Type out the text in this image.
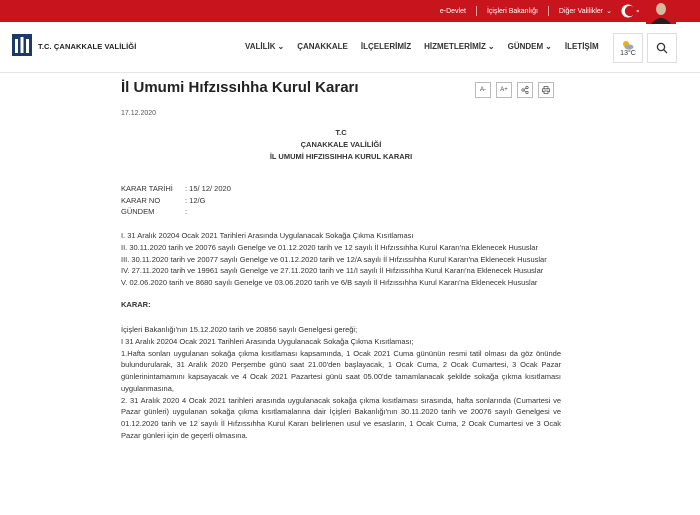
e-Devlet	İçişleri Bakanlığı	Diğer Valilikler ⌄
T.C. ÇANAKKALE VALİLİĞİ	VALİLİK ⌄ ÇANAKKALE İLÇELERİMİZ HİZMETLERİMİZ ⌄ GÜNDEM ⌄ İLETİŞİM
13°C
İl Umumi Hıfzıssıhha Kurul Kararı	A-	A+
17.12.2020
T.C
ÇANAKKALE VALİLİĞİ
İL UMUMİ HIFZISSIHHA KURUL KARARI
KARAR TARİHİ	: 15/ 12/ 2020
KARAR NO	: 12/G
GÜNDEM	:
I. 31 Aralık 20204 Ocak 2021 Tarihleri Arasında Uygulanacak Sokağa Çıkma Kısıtlaması
II. 30.11.2020 tarih ve 20076 sayılı Genelge ve 01.12.2020 tarih ve 12 sayılı İl Hıfzıssıhha Kurul Kararı'na Eklenecek Hususlar
III. 30.11.2020 tarih ve 20077 sayılı Genelge ve 01.12.2020 tarih ve 12/A sayılı İl Hıfzıssıhha Kurul Kararı'na Eklenecek Hususlar
IV. 27.11.2020 tarih ve 19961 sayılı Genelge ve 27.11.2020 tarih ve 11/I sayılı İl Hıfzıssıhha Kurul Kararı'na Eklenecek Hususlar
V. 02.06.2020 tarih ve 8680 sayılı Genelge ve 03.06.2020 tarih ve 6/B sayılı İl Hıfzıssıhha Kurul Kararı'na Eklenecek Hususlar
KARAR:
İçişleri Bakanlığı'nın 15.12.2020 tarih ve 20856 sayılı Genelgesi gereği;
I 31 Aralık 20204 Ocak 2021 Tarihleri Arasında Uygulanacak Sokağa Çıkma Kısıtlaması;
1.Hafta sonları uygulanan sokağa çıkma kısıtlaması kapsamında, 1 Ocak 2021 Cuma gününün resmi tatil olması da göz önünde bulundurularak, 31 Aralık 2020 Perşembe günü saat 21.00'den başlayacak, 1 Ocak Cuma, 2 Ocak Cumartesi, 3 Ocak Pazar günlerinintamamını kapsayacak ve 4 Ocak 2021 Pazartesi günü saat 05.00'de tamamlanacak şekilde sokağa çıkma kısıtlaması uygulanmasına,
2. 31 Aralık 2020 4 Ocak 2021 tarihleri arasında uygulanacak sokağa çıkma kısıtlaması sırasında, hafta sonlarında (Cumartesi ve Pazar günleri) uygulanan sokağa çıkma kısıtlamalarına dair İçişleri Bakanlığı'nın 30.11.2020 tarih ve 20076 sayılı Genelgesi ve 01.12.2020 tarih ve 12 sayılı İl Hıfzıssıhha Kurul Kararı belirlenen usul ve esasların, 1 Ocak Cuma, 2 Ocak Cumartesi ve 3 Ocak Pazar günleri için de geçerli olmasına.
